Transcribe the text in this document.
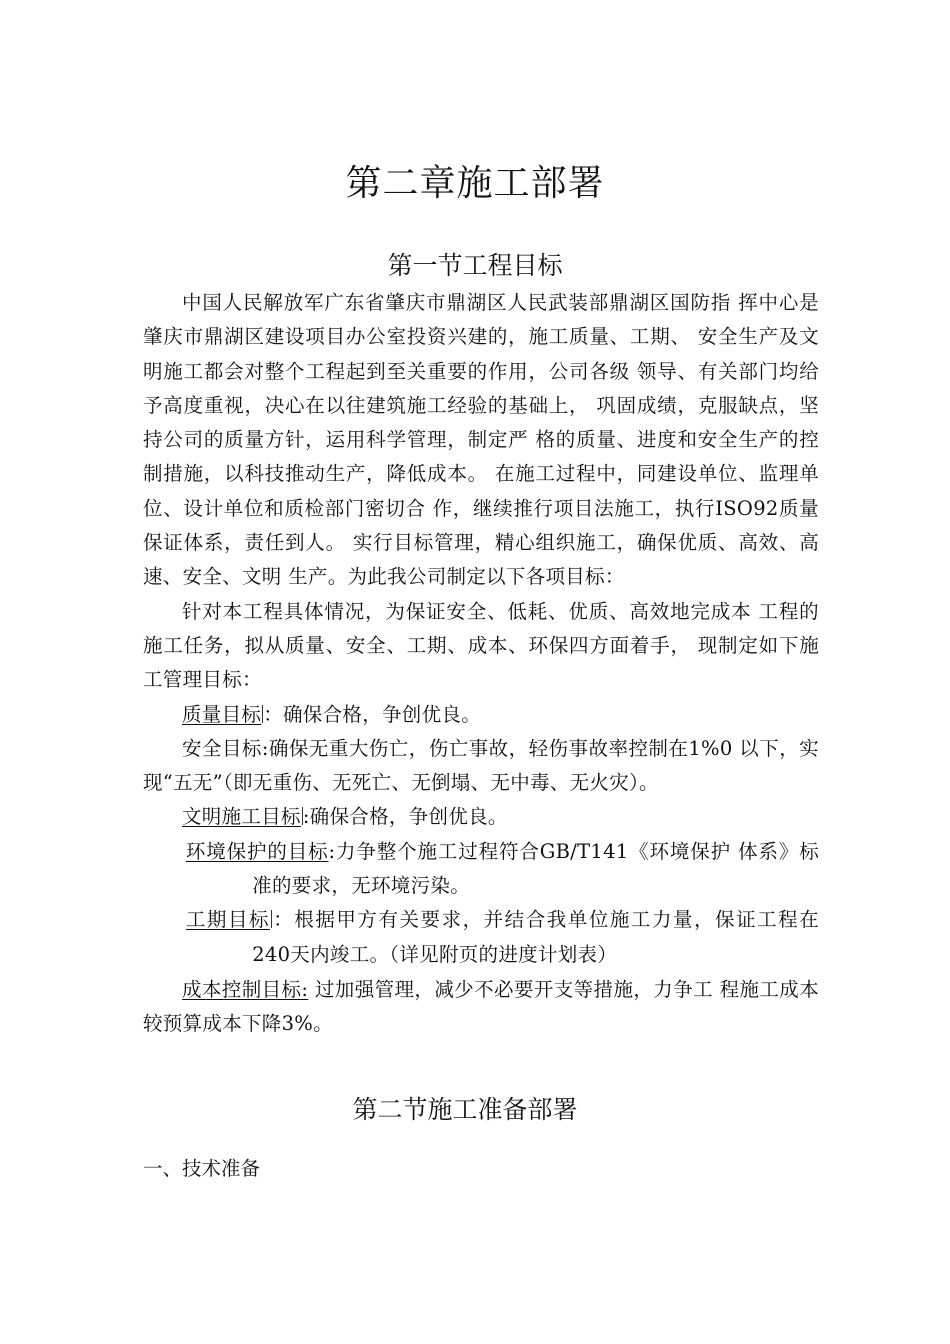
第二章施工部署
第一节工程目标

中国人民解放军广东省肇庆市鼎湖区人民武装部鼎湖区国防指 挥中心是肇庆市鼎湖区建设项目办公室投资兴建的，施工质量、工期、 安全生产及文明施工都会对整个工程起到至关重要的作用，公司各级 领导、有关部门均给予高度重视，决心在以往建筑施工经验的基础上， 巩固成绩，克服缺点，坚持公司的质量方针，运用科学管理，制定严 格的质量、进度和安全生产的控制措施，以科技推动生产，降低成本。 在施工过程中，同建设单位、监理单位、设计单位和质检部门密切合 作，继续推行项目法施工，执行ISO92质量保证体系，责任到人。 实行目标管理，精心组织施工，确保优质、高效、高速、安全、文明 生产。为此我公司制定以下各项目标：

针对本工程具体情况，为保证安全、低耗、优质、高效地完成本 工程的施工任务，拟从质量、安全、工期、成本、环保四方面着手， 现制定如下施工管理目标：

质量目标 ：确保合格，争创优良。

安全目标:确保无重大伤亡，伤亡事故，轻伤事故率控制在1%0 以下，实现“五无”（即无重伤、无死亡、无倒塌、无中毒、无火灾）。

文明施工目标 :确保合格，争创优良。

环境保护的目标:力争整个施工过程符合GB/T141《环境保护 体系》标准的要求，无环境污染。

工期目标 ：根据甲方有关要求，并结合我单位施工力量，保证工程在240天内竣工。（详见附页的进度计划表）

成本控制目标: 过加强管理，减少不必要开支等措施，力争工 程施工成本较预算成本下降3%。

第二节施工准备部署
一、技术准备
